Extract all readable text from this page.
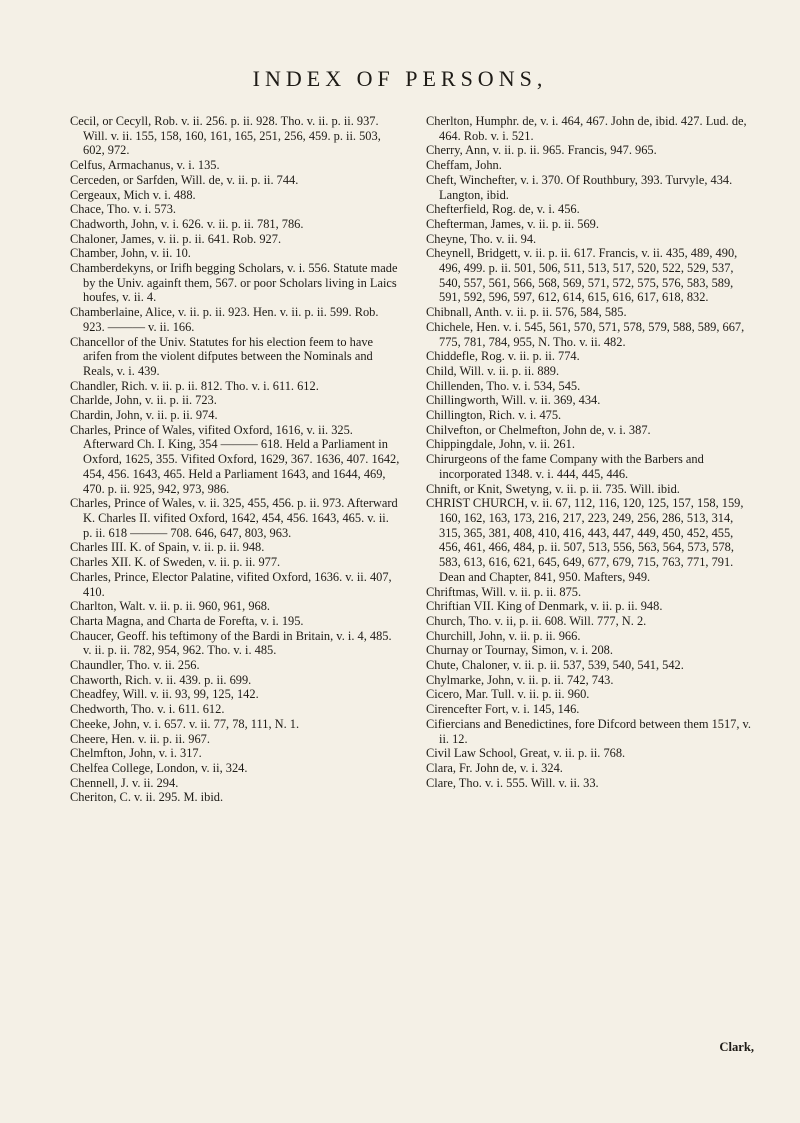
INDEX OF PERSONS,

Cecil, or Cecyll, Rob. v. ii. 256. p. ii. 928. Tho. v. ii. p. ii. 937. Will. v. ii. 155, 158, 160, 161, 165, 251, 256, 459. p. ii. 503, 602, 972.

Celfus, Armachanus, v. i. 135.

Cerceden, or Sarfden, Will. de, v. ii. p. ii. 744.

Cergeaux, Mich v. i. 488.

Chace, Tho. v. i. 573.

Chadworth, John, v. i. 626. v. ii. p. ii. 781, 786.

Chaloner, James, v. ii. p. ii. 641. Rob. 927.

Chamber, John, v. ii. 10.

Chamberdekyns, or Irifh begging Scholars, v. i. 556. Statute made by the Univ. againft them, 567. or poor Scholars living in Laics houfes, v. ii. 4.

Chamberlaine, Alice, v. ii. p. ii. 923. Hen. v. ii. p. ii. 599. Rob. 923. ——— v. ii. 166.

Chancellor of the Univ. Statutes for his election feem to have arifen from the violent difputes between the Nominals and Reals, v. i. 439.

Chandler, Rich. v. ii. p. ii. 812. Tho. v. i. 611. 612.

Charlde, John, v. ii. p. ii. 723.

Chardin, John, v. ii. p. ii. 974.

Charles, Prince of Wales, vifited Oxford, 1616, v. ii. 325. Afterward Ch. I. King, 354 ——— 618. Held a Parliament in Oxford, 1625, 355. Vifited Oxford, 1629, 367. 1636, 407. 1642, 454, 456. 1643, 465. Held a Parliament 1643, and 1644, 469, 470. p. ii. 925, 942, 973, 986.

Charles, Prince of Wales, v. ii. 325, 455, 456. p. ii. 973. Afterward K. Charles II. vifited Oxford, 1642, 454, 456. 1643, 465. v. ii. p. ii. 618 ——— 708. 646, 647, 803, 963.

Charles III. K. of Spain, v. ii. p. ii. 948.

Charles XII. K. of Sweden, v. ii. p. ii. 977.

Charles, Prince, Elector Palatine, vifited Oxford, 1636. v. ii. 407, 410.

Charlton, Walt. v. ii. p. ii. 960, 961, 968.

Charta Magna, and Charta de Forefta, v. i. 195.

Chaucer, Geoff. his teftimony of the Bardi in Britain, v. i. 4, 485. v. ii. p. ii. 782, 954, 962. Tho. v. i. 485.

Chaundler, Tho. v. ii. 256.

Chaworth, Rich. v. ii. 439. p. ii. 699.

Cheadfey, Will. v. ii. 93, 99, 125, 142.

Chedworth, Tho. v. i. 611. 612.

Cheeke, John, v. i. 657. v. ii. 77, 78, 111, N. 1.

Cheere, Hen. v. ii. p. ii. 967.

Chelmfton, John, v. i. 317.

Chelfea College, London, v. ii, 324.

Chennell, J. v. ii. 294.

Cheriton, C. v. ii. 295. M. ibid.

Cherlton, Humphr. de, v. i. 464, 467. John de, ibid. 427. Lud. de, 464. Rob. v. i. 521.

Cherry, Ann, v. ii. p. ii. 965. Francis, 947. 965.

Cheffam, John.

Cheft, Winchefter, v. i. 370. Of Routhbury, 393. Turvyle, 434. Langton, ibid.

Chefterfield, Rog. de, v. i. 456.

Chefterman, James, v. ii. p. ii. 569.

Cheyne, Tho. v. ii. 94.

Cheynell, Bridgett, v. ii. p. ii. 617. Francis, v. ii. 435, 489, 490, 496, 499. p. ii. 501, 506, 511, 513, 517, 520, 522, 529, 537, 540, 557, 561, 566, 568, 569, 571, 572, 575, 576, 583, 589, 591, 592, 596, 597, 612, 614, 615, 616, 617, 618, 832.

Chibnall, Anth. v. ii. p. ii. 576, 584, 585.

Chichele, Hen. v. i. 545, 561, 570, 571, 578, 579, 588, 589, 667, 775, 781, 784, 955, N. Tho. v. ii. 482.

Chiddefle, Rog. v. ii. p. ii. 774.

Child, Will. v. ii. p. ii. 889.

Chillenden, Tho. v. i. 534, 545.

Chillingworth, Will. v. ii. 369, 434.

Chillington, Rich. v. i. 475.

Chilvefton, or Chelmefton, John de, v. i. 387.

Chippingdale, John, v. ii. 261.

Chirurgeons of the fame Company with the Barbers and incorporated 1348. v. i. 444, 445, 446.

Chnift, or Knit, Swetyng, v. ii. p. ii. 735. Will. ibid.

CHRIST CHURCH, v. ii. 67, 112, 116, 120, 125, 157, 158, 159, 160, 162, 163, 173, 216, 217, 223, 249, 256, 286, 513, 314, 315, 365, 381, 408, 410, 416, 443, 447, 449, 450, 452, 455, 456, 461, 466, 484, p. ii. 507, 513, 556, 563, 564, 573, 578, 583, 613, 616, 621, 645, 649, 677, 679, 715, 763, 771, 791. Dean and Chapter, 841, 950. Mafters, 949.

Chriftmas, Will. v. ii. p. ii. 875.

Chriftian VII. King of Denmark, v. ii. p. ii. 948.

Church, Tho. v. ii, p. ii. 608. Will. 777, N. 2.

Churchill, John, v. ii. p. ii. 966.

Churnay or Tournay, Simon, v. i. 208.

Chute, Chaloner, v. ii. p. ii. 537, 539, 540, 541, 542.

Chylmarke, John, v. ii. p. ii. 742, 743.

Cicero, Mar. Tull. v. ii. p. ii. 960.

Cirencefter Fort, v. i. 145, 146.

Cifiercians and Benedictines, fore Difcord between them 1517, v. ii. 12.

Civil Law School, Great, v. ii. p. ii. 768.

Clara, Fr. John de, v. i. 324.

Clare, Tho. v. i. 555. Will. v. ii. 33.

Clark,
